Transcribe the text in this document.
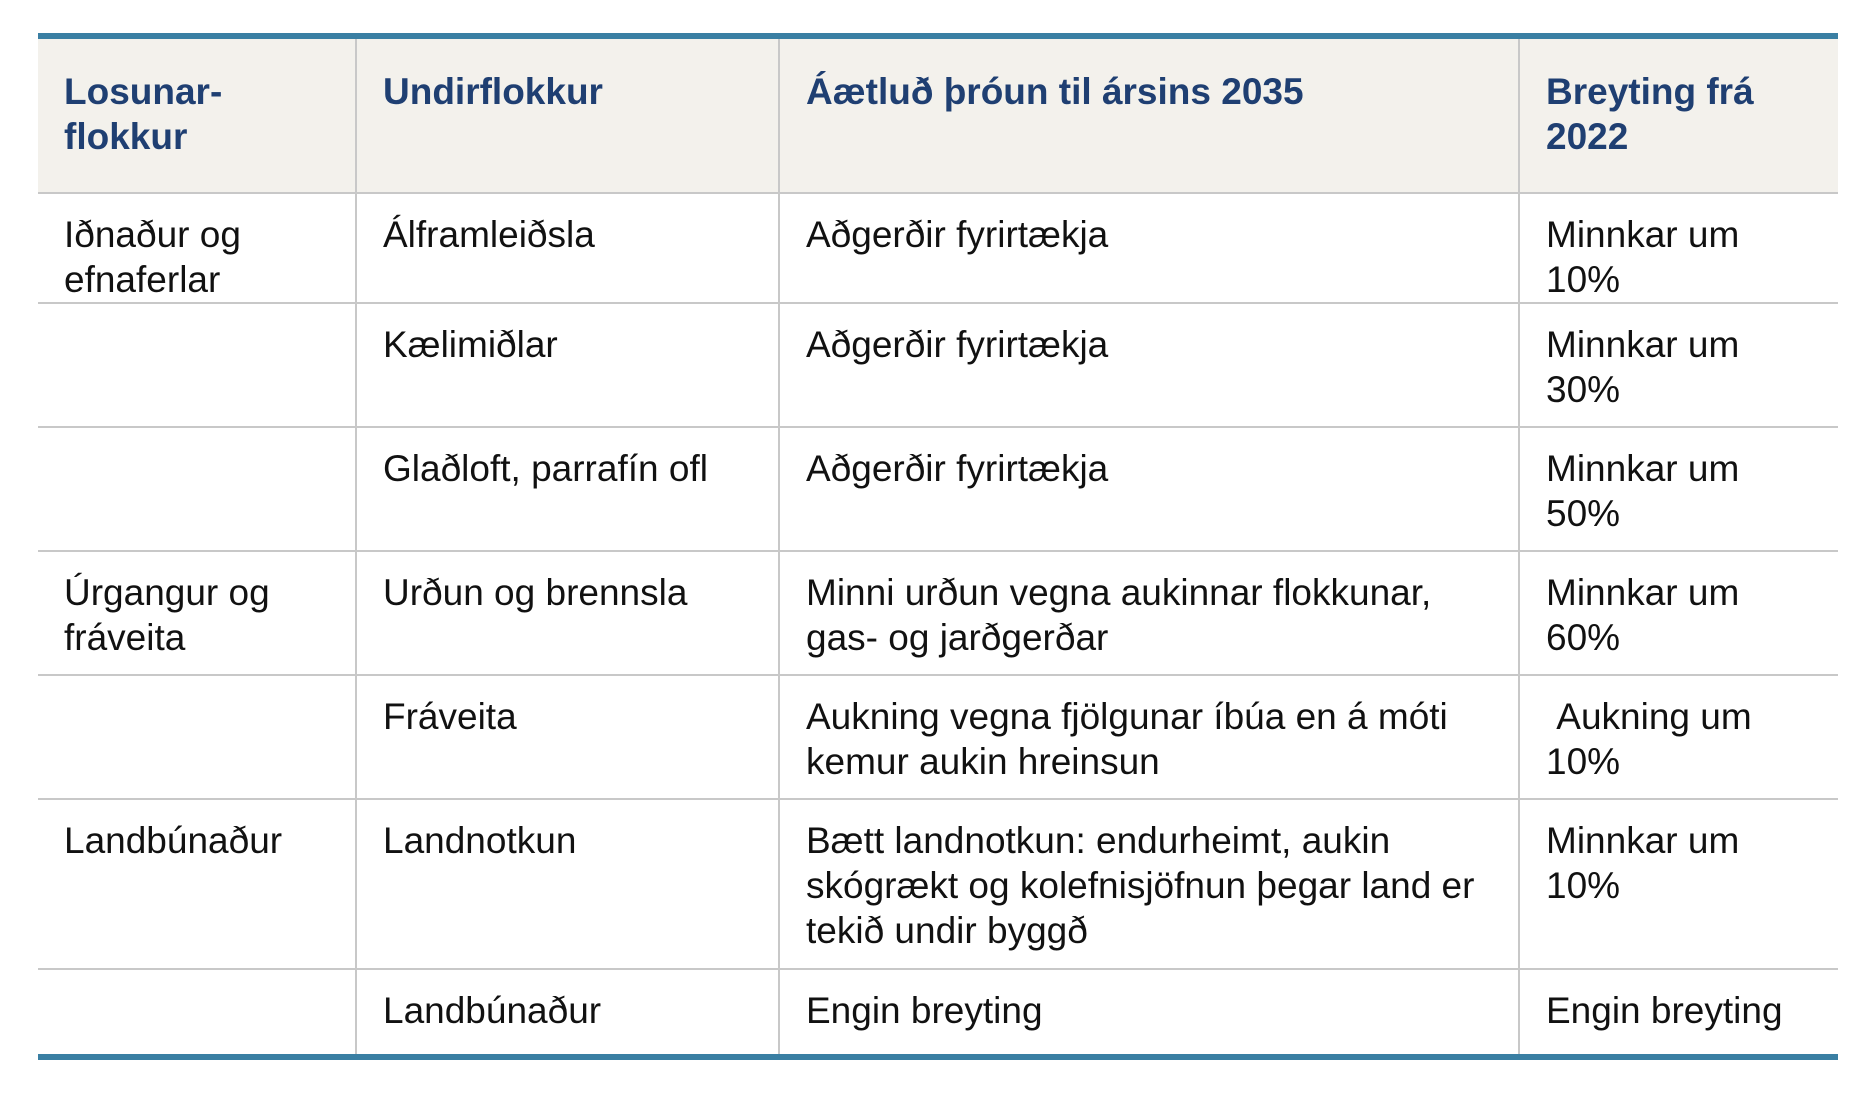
Losunar-flokkur	Undirflokkur	Áætluð þróun til ársins 2035	Breyting frá 2022
Iðnaður og efnaferlar	Álframleiðsla	Aðgerðir fyrirtækja	Minnkar um 10%
	Kælimiðlar	Aðgerðir fyrirtækja	Minnkar um 30%
	Glaðloft, parrafín ofl	Aðgerðir fyrirtækja	Minnkar um 50%
Úrgangur og fráveita	Urðun og brennsla	Minni urðun vegna aukinnar flokkunar, gas- og jarðgerðar	Minnkar um 60%
	Fráveita	Aukning vegna fjölgunar íbúa en á móti kemur aukin hreinsun	Aukning um 10%
Landbúnaður	Landnotkun	Bætt landnotkun: endurheimt, aukin skógrækt og kolefnisjöfnun þegar land er tekið undir byggð	Minnkar um 10%
	Landbúnaður	Engin breyting	Engin breyting
